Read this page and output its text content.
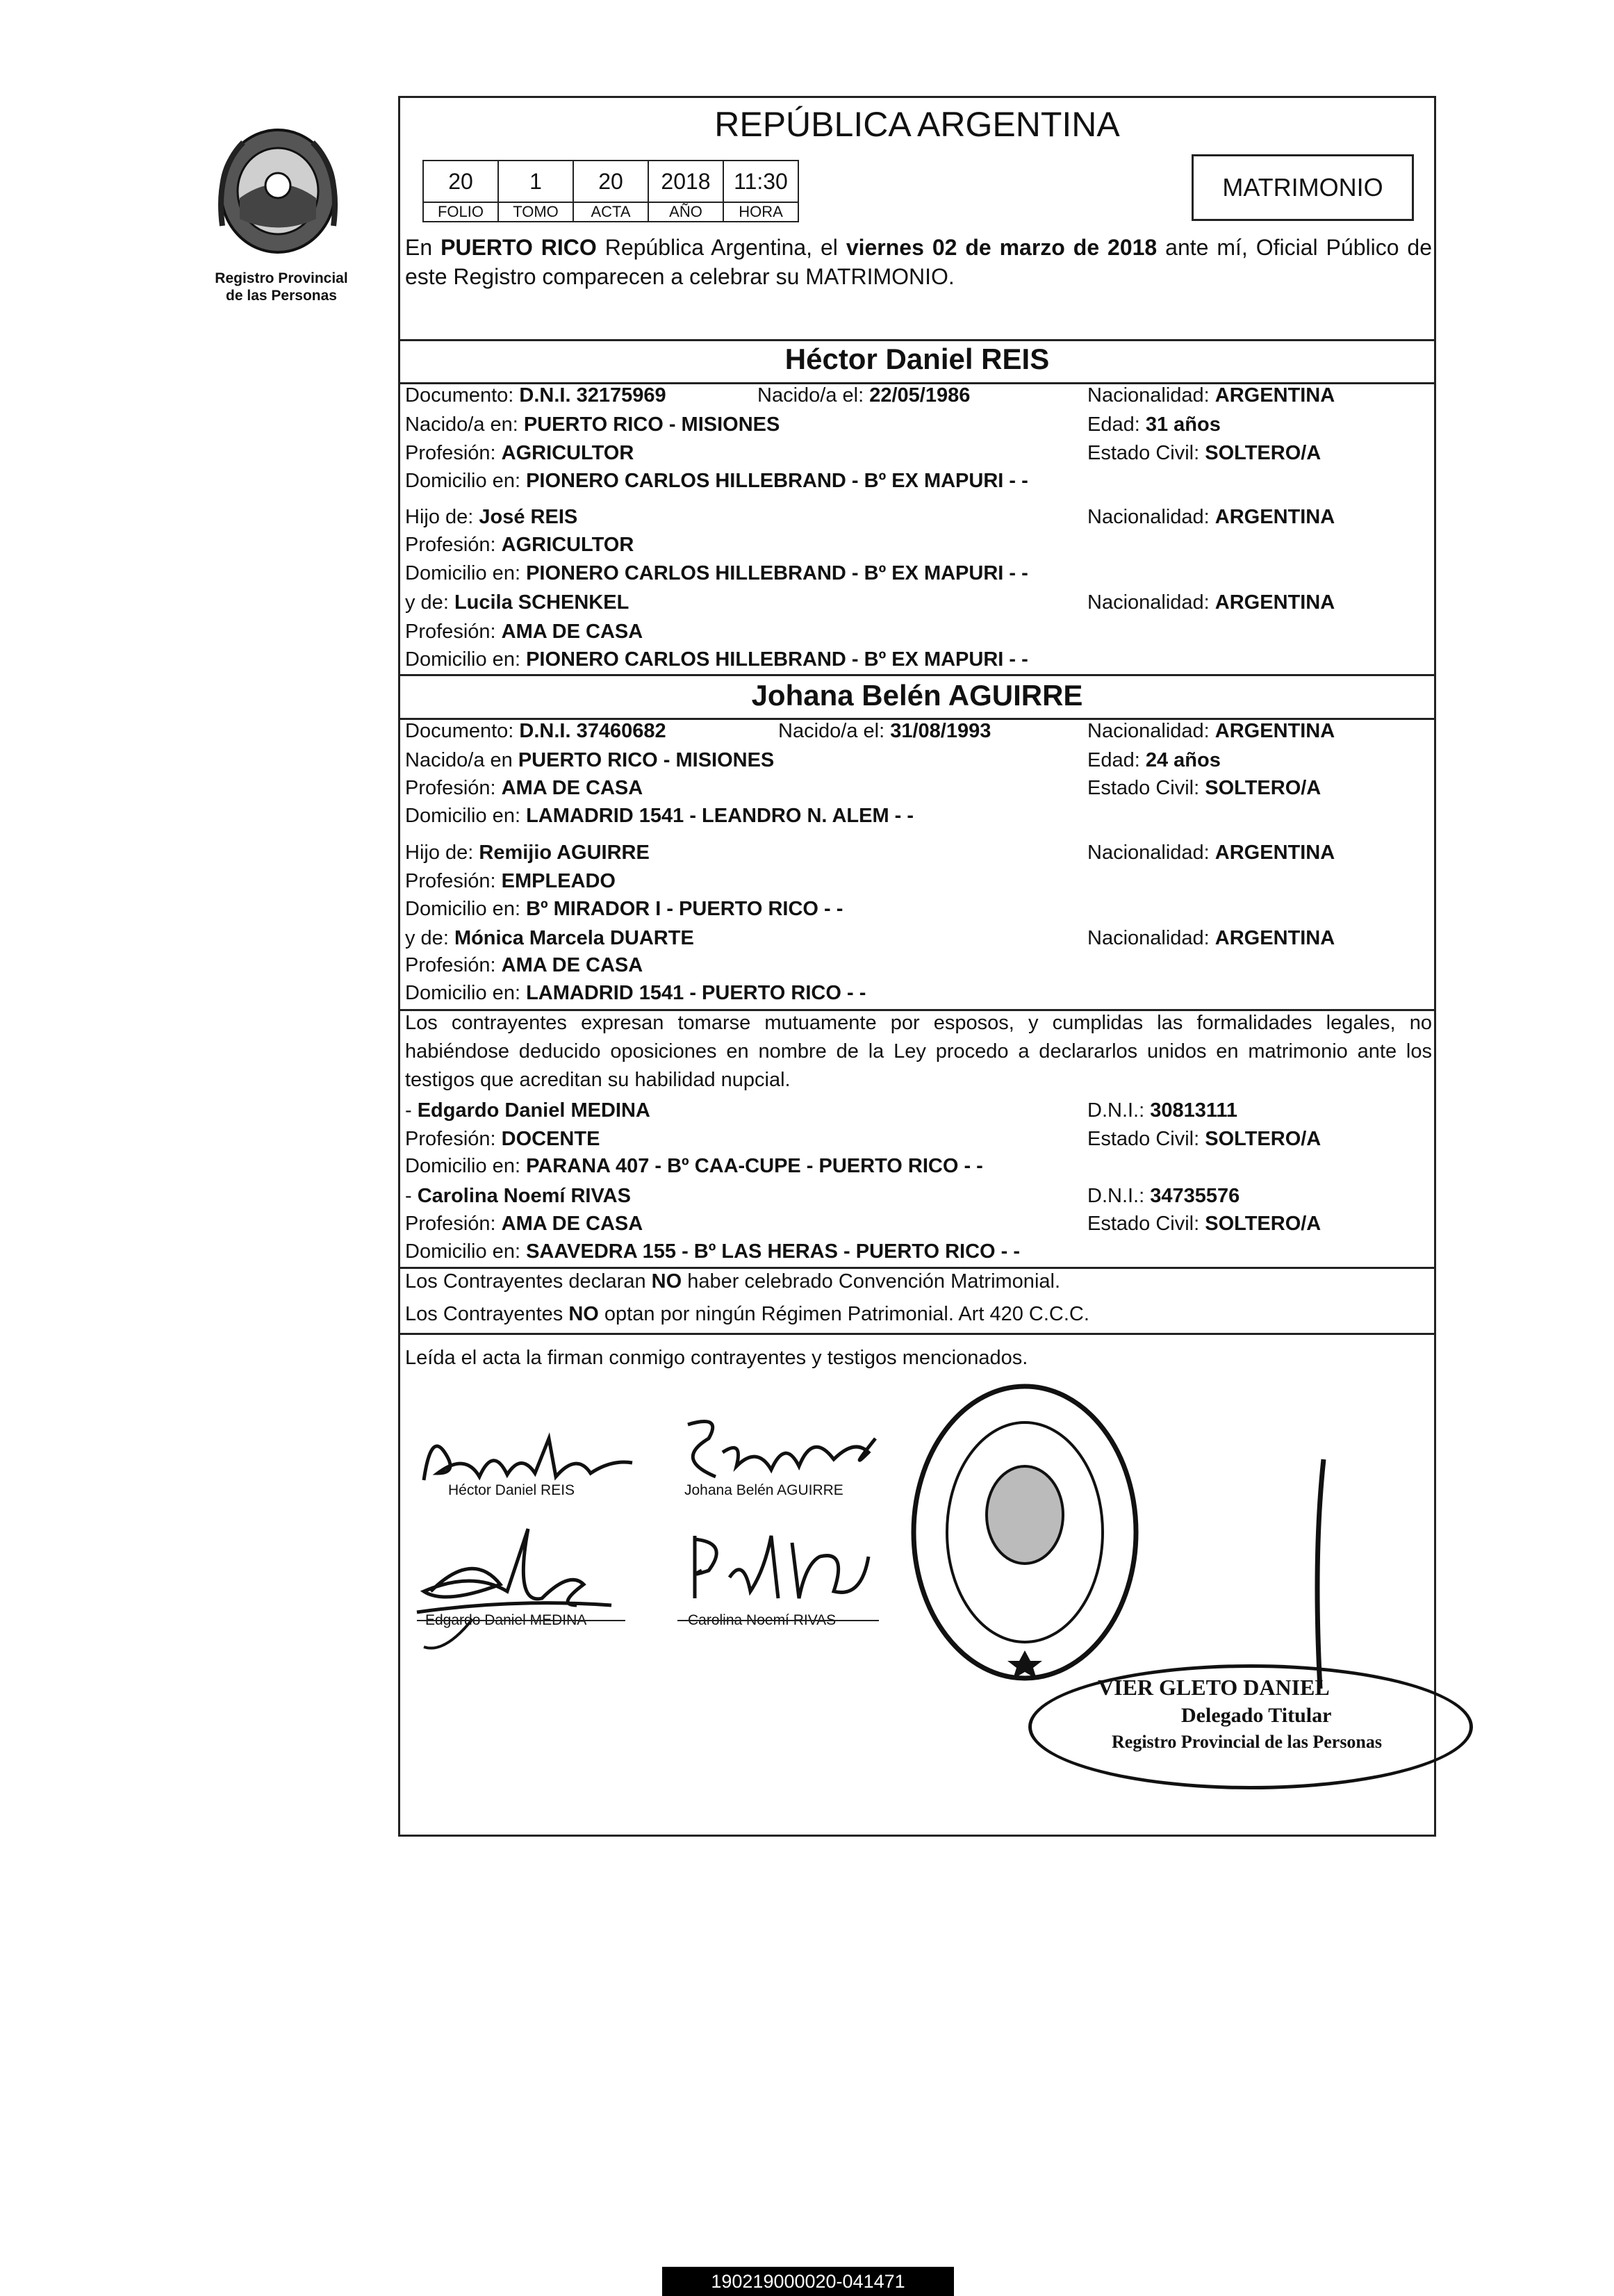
Registro Provincial
de las Personas
REPÚBLICA ARGENTINA
20	1	20	2018	11:30
FOLIO	TOMO	ACTA	AÑO	HORA
MATRIMONIO
En PUERTO RICO República Argentina, el viernes 02 de marzo de 2018 ante mí, Oficial Público de este Registro comparecen a celebrar su MATRIMONIO.
Héctor Daniel REIS
Documento: D.N.I. 32175969	Nacido/a el: 22/05/1986	Nacionalidad: ARGENTINA
Nacido/a en: PUERTO RICO - MISIONES	Edad: 31 años
Profesión: AGRICULTOR	Estado Civil: SOLTERO/A
Domicilio en: PIONERO CARLOS HILLEBRAND - Bº EX MAPURI - -
Hijo de: José REIS	Nacionalidad: ARGENTINA
Profesión: AGRICULTOR
Domicilio en: PIONERO CARLOS HILLEBRAND - Bº EX MAPURI - -
y de: Lucila SCHENKEL	Nacionalidad: ARGENTINA
Profesión: AMA DE CASA
Domicilio en: PIONERO CARLOS HILLEBRAND - Bº EX MAPURI - -
Johana Belén AGUIRRE
Documento: D.N.I. 37460682	Nacido/a el: 31/08/1993	Nacionalidad: ARGENTINA
Nacido/a en PUERTO RICO - MISIONES	Edad: 24 años
Profesión: AMA DE CASA	Estado Civil: SOLTERO/A
Domicilio en: LAMADRID 1541 - LEANDRO N. ALEM - -
Hijo de: Remijio AGUIRRE	Nacionalidad: ARGENTINA
Profesión: EMPLEADO
Domicilio en: Bº MIRADOR I - PUERTO RICO - -
y de: Mónica Marcela DUARTE	Nacionalidad: ARGENTINA
Profesión: AMA DE CASA
Domicilio en: LAMADRID 1541 - PUERTO RICO - -
Los contrayentes expresan tomarse mutuamente por esposos, y cumplidas las formalidades legales, no habiéndose deducido oposiciones en nombre de la Ley procedo a declararlos unidos en matrimonio ante los testigos que acreditan su habilidad nupcial.
- Edgardo Daniel MEDINA	D.N.I.: 30813111
Profesión: DOCENTE	Estado Civil: SOLTERO/A
Domicilio en: PARANA 407 - Bº CAA-CUPE - PUERTO RICO - -
- Carolina Noemí RIVAS	D.N.I.: 34735576
Profesión: AMA DE CASA	Estado Civil: SOLTERO/A
Domicilio en: SAAVEDRA 155 - Bº LAS HERAS - PUERTO RICO - -
Los Contrayentes declaran NO haber celebrado Convención Matrimonial.
Los Contrayentes NO optan por ningún Régimen Patrimonial. Art 420 C.C.C.
Leída el acta la firman conmigo contrayentes y testigos mencionados.
Héctor Daniel REIS	Johana Belén AGUIRRE
Edgardo Daniel MEDINA	Carolina Noemí RIVAS
VIER GLETO DANIEL
Delegado Titular
Registro Provincial de las Personas
190219000020-041471
